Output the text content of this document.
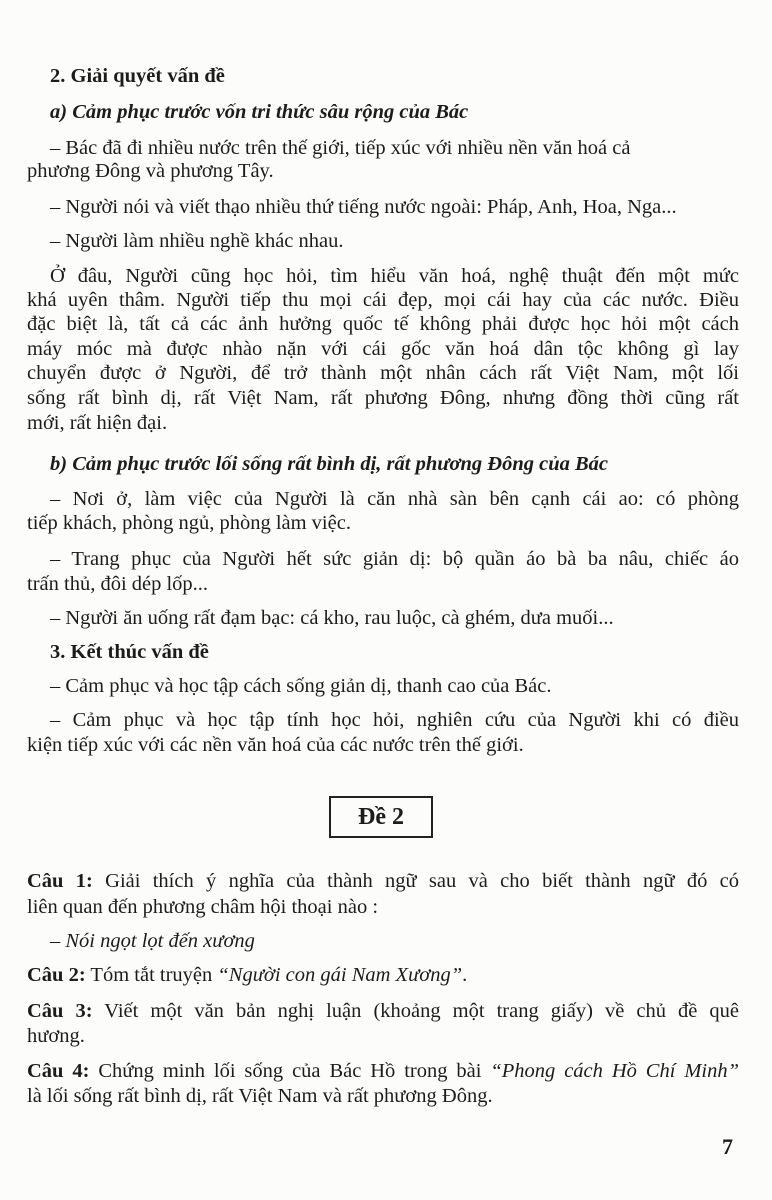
2. Giải quyết vấn đề
a) Cảm phục trước vốn tri thức sâu rộng của Bác
– Bác đã đi nhiều nước trên thế giới, tiếp xúc với nhiều nền văn hoá cả
phương Đông và phương Tây.
– Người nói và viết thạo nhiều thứ tiếng nước ngoài: Pháp, Anh, Hoa, Nga...
– Người làm nhiều nghề khác nhau.
Ở đâu, Người cũng học hỏi, tìm hiểu văn hoá, nghệ thuật đến một mức
khá uyên thâm. Người tiếp thu mọi cái đẹp, mọi cái hay của các nước. Điều
đặc biệt là, tất cả các ảnh hưởng quốc tế không phải được học hỏi một cách
máy móc mà được nhào nặn với cái gốc văn hoá dân tộc không gì lay
chuyển được ở Người, để trở thành một nhân cách rất Việt Nam, một lối
sống rất bình dị, rất Việt Nam, rất phương Đông, nhưng đồng thời cũng rất
mới, rất hiện đại.
b) Cảm phục trước lối sống rất bình dị, rất phương Đông của Bác
– Nơi ở, làm việc của Người là căn nhà sàn bên cạnh cái ao: có phòng
tiếp khách, phòng ngủ, phòng làm việc.
– Trang phục của Người hết sức giản dị: bộ quần áo bà ba nâu, chiếc áo
trấn thủ, đôi dép lốp...
– Người ăn uống rất đạm bạc: cá kho, rau luộc, cà ghém, dưa muối...
3. Kết thúc vấn đề
– Cảm phục và học tập cách sống giản dị, thanh cao của Bác.
– Cảm phục và học tập tính học hỏi, nghiên cứu của Người khi có điều
kiện tiếp xúc với các nền văn hoá của các nước trên thế giới.
Đề 2
Câu 1: Giải thích ý nghĩa của thành ngữ sau và cho biết thành ngữ đó có
liên quan đến phương châm hội thoại nào :
– Nói ngọt lọt đến xương
Câu 2: Tóm tắt truyện “Người con gái Nam Xương”.
Câu 3: Viết một văn bản nghị luận (khoảng một trang giấy) về chủ đề quê
hương.
Câu 4: Chứng minh lối sống của Bác Hồ trong bài “Phong cách Hồ Chí Minh”
là lối sống rất bình dị, rất Việt Nam và rất phương Đông.
7
